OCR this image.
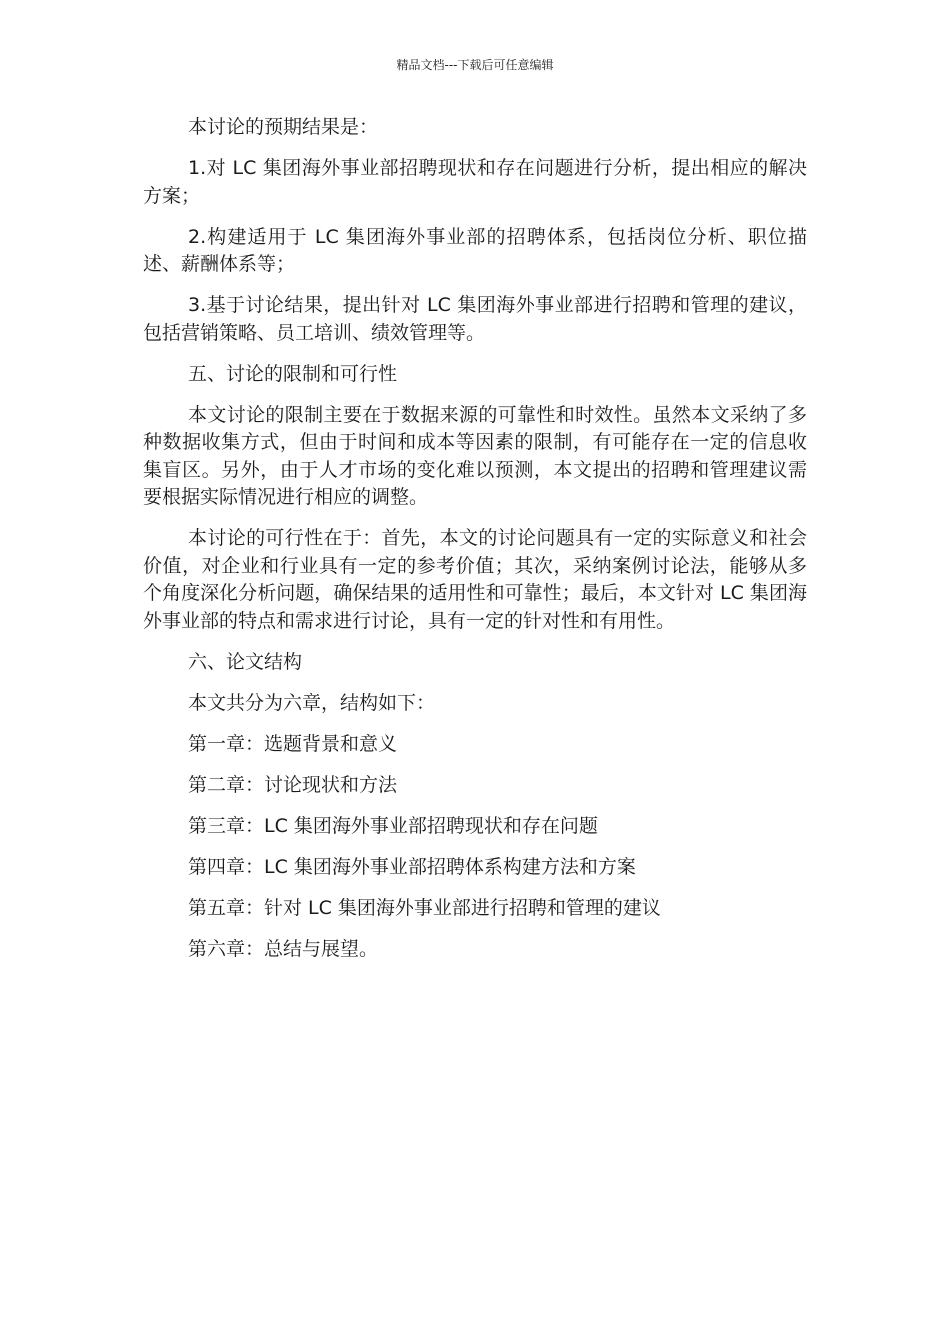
精品文档---下载后可任意编辑

本讨论的预期结果是：

1.对 LC 集团海外事业部招聘现状和存在问题进行分析，提出相应的解决方案；

2.构建适用于 LC 集团海外事业部的招聘体系，包括岗位分析、职位描述、薪酬体系等；

3.基于讨论结果，提出针对 LC 集团海外事业部进行招聘和管理的建议，包括营销策略、员工培训、绩效管理等。

五、讨论的限制和可行性

本文讨论的限制主要在于数据来源的可靠性和时效性。虽然本文采纳了多种数据收集方式，但由于时间和成本等因素的限制，有可能存在一定的信息收集盲区。另外，由于人才市场的变化难以预测，本文提出的招聘和管理建议需要根据实际情况进行相应的调整。

本讨论的可行性在于：首先，本文的讨论问题具有一定的实际意义和社会价值，对企业和行业具有一定的参考价值；其次，采纳案例讨论法，能够从多个角度深化分析问题，确保结果的适用性和可靠性；最后，本文针对 LC 集团海外事业部的特点和需求进行讨论，具有一定的针对性和有用性。

六、论文结构

本文共分为六章，结构如下：

第一章：选题背景和意义

第二章：讨论现状和方法

第三章：LC 集团海外事业部招聘现状和存在问题

第四章：LC 集团海外事业部招聘体系构建方法和方案

第五章：针对 LC 集团海外事业部进行招聘和管理的建议

第六章：总结与展望。
